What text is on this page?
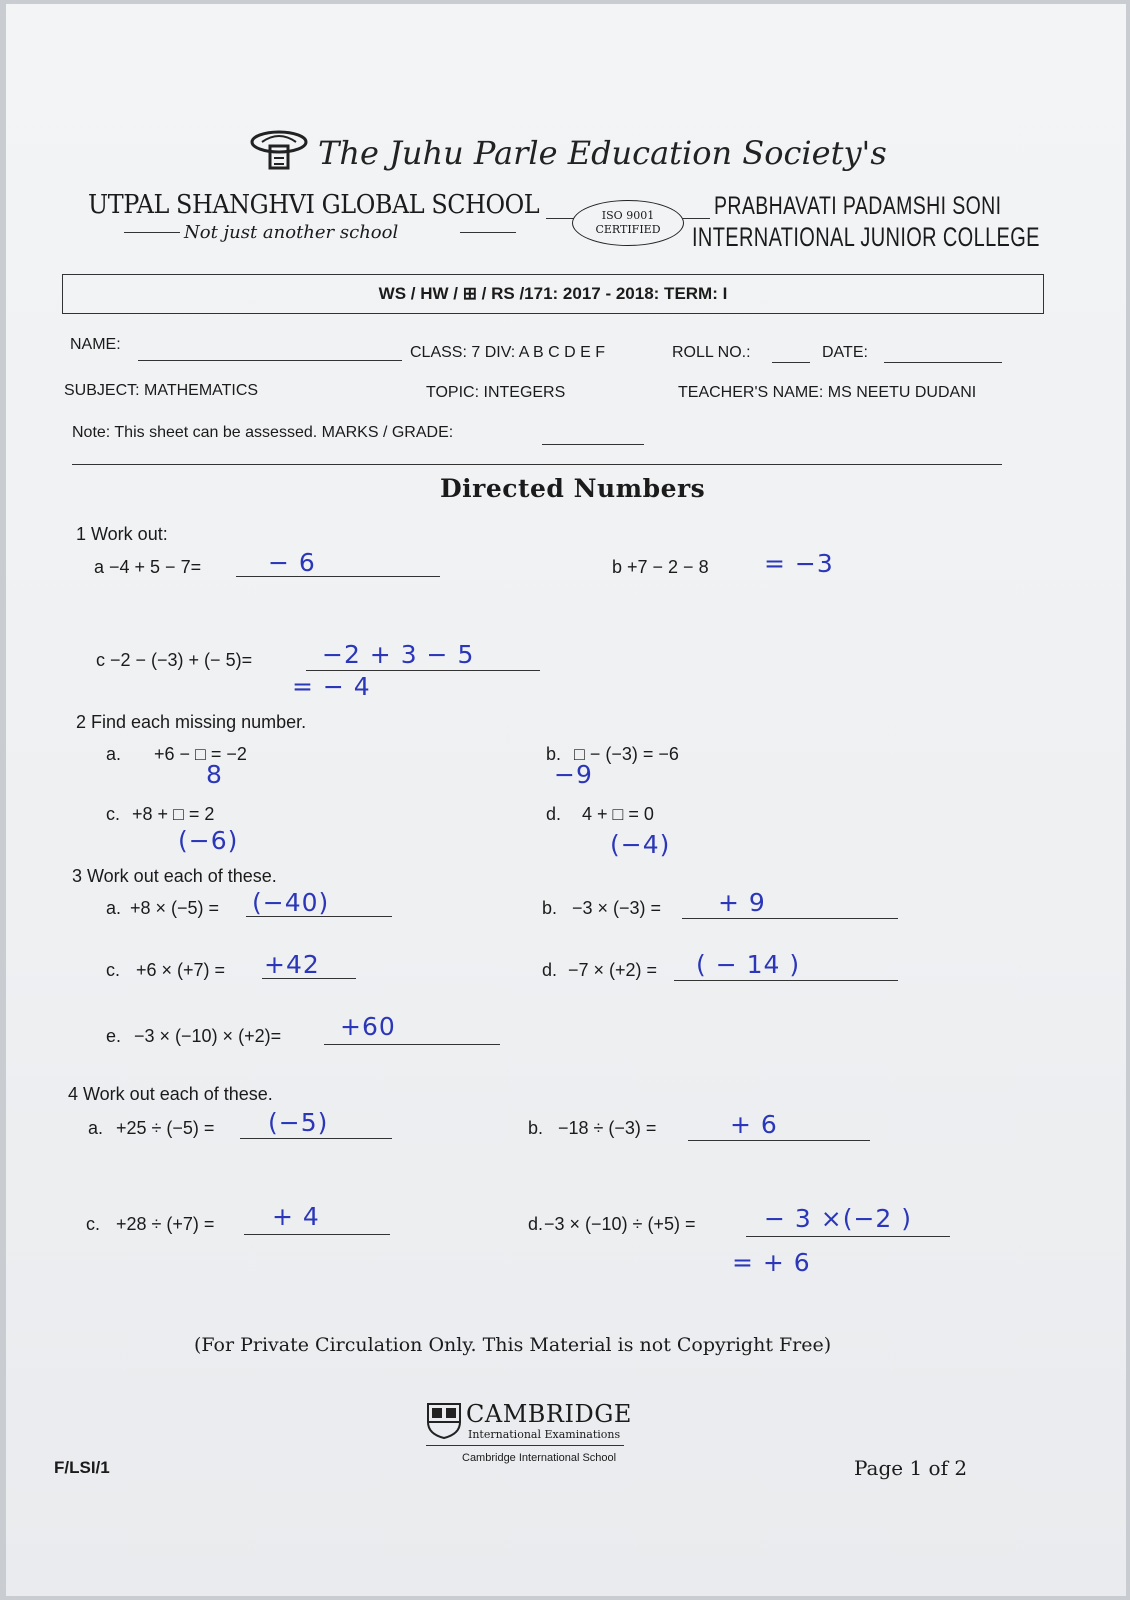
The Juhu Parle Education Society's
UTPAL SHANGHVI GLOBAL SCHOOL
Not just another school
ISO 9001
CERTIFIED
PRABHAVATI PADAMSHI SONI
INTERNATIONAL JUNIOR COLLEGE
WS / HW / ⊞ / RS /171: 2017 - 2018: TERM: I
NAME:	CLASS: 7 DIV: A B C D E F	ROLL NO.:	DATE:
SUBJECT: MATHEMATICS	TOPIC: INTEGERS	TEACHER'S NAME: MS NEETU DUDANI
Note: This sheet can be assessed. MARKS / GRADE:
Directed Numbers
1 Work out:
a −4 + 5 − 7=	− 6	b +7 − 2 − 8 = −3
c −2 − (−3) + (− 5)=	−2 + 3 − 5
= − 4
2 Find each missing number.
a. +6 − □ = −2
8
b. □ − (−3) = −6
−9
c. +8 + □ = 2
(−6)
d. 4 + □ = 0
(−4)
3 Work out each of these.
a. +8 × (−5) = (−40)	b. −3 × (−3) = + 9
c. +6 × (+7) = +42	d. −7 × (+2) = ( − 14 )
e. −3 × (−10) × (+2)= +60
4 Work out each of these.
a. +25 ÷ (−5) = (−5)	b. −18 ÷ (−3) =	+ 6
c. +28 ÷ (+7) = + 4	d. −3 × (−10) ÷ (+5) =	− 3 ×(−2 )
= + 6
(For Private Circulation Only. This Material is not Copyright Free)
CAMBRIDGE
International Examinations
Cambridge International School
F/LSI/1	Page 1 of 2
